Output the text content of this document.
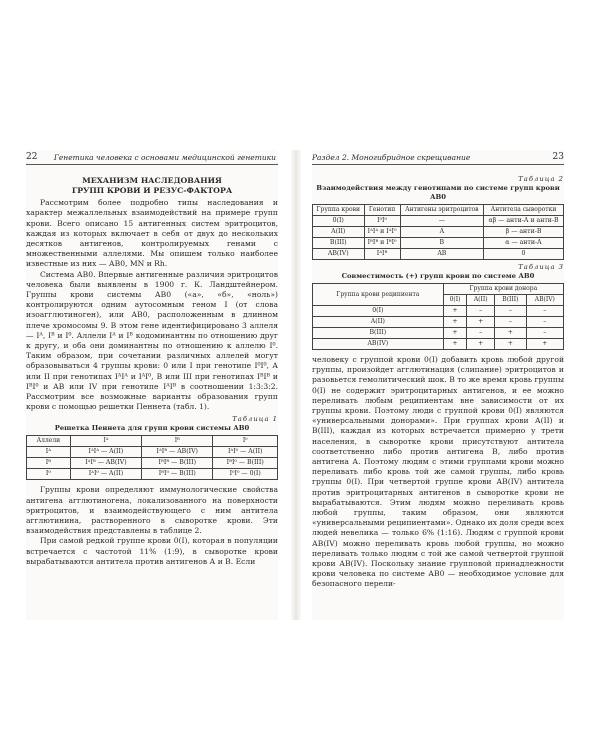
22 Генетика человека с основами медицинской генетики
МЕХАНИЗМ НАСЛЕДОВАНИЯ
ГРУПП КРОВИ И РЕЗУС-ФАКТОРА

Рассмотрим более подробно типы наследования и характер межаллельных взаимодействий на примере групп крови. Всего описано 15 антигенных систем эритроцитов, каждая из которых включает в себя от двух до нескольких десятков антигенов, контролируемых генами с множественными аллелями. Мы опишем только наиболее известные из них — АВ0, MN и Rh.

Система АВ0. Впервые антигенные различия эритроцитов человека были выявлены в 1900 г. К. Ландштейнером. Группы крови системы АВ0 («а», «б», «ноль») контролируются одним аутосомным геном I (от слова изоагглютиноген), или АВ0, расположенным в длинном плече хромосомы 9. В этом гене идентифицировано 3 аллеля — Iᴬ, Iᴮ и I⁰. Аллели Iᴬ и Iᴮ кодоминантны по отношению друг к другу, и оба они доминантны по отношению к аллелю I⁰. Таким образом, при сочетании различных аллелей могут образовываться 4 группы крови: 0 или I при генотипе I⁰I⁰, А или II при генотипах IᴬIᴬ и IᴬI⁰, В или III при генотипах IᴮIᴮ и IᴮI⁰ и АВ или IV при генотипе IᴬIᴮ в соотношении 1:3:3:2. Рассмотрим все возможные варианты образования групп крови с помощью решетки Пеннета (табл. 1).

Таблица 1
Решетка Пеннета для групп крови системы АВ0
Аллели	Iᴬ	Iᴮ	I⁰
Iᴬ	IᴬIᴬ — A(II)	IᴬIᴮ — AB(IV)	IᴬI⁰ — A(II)
Iᴮ	IᴬIᴮ — AB(IV)	IᴮIᴮ — B(III)	IᴮI⁰ — B(III)
I⁰	IᴬI⁰ — A(II)	IᴮI⁰ — B(III)	I⁰I⁰ — 0(I)

Группы крови определяют иммунологические свойства антигена агглютиногена, локализованного на поверхности эритроцитов, и взаимодействующего с ним антитела агглютинина, растворенного в сыворотке крови. Эти взаимодействия представлены в таблице 2.

При самой редкой группе крови 0(I), которая в популяции встречается с частотой 11% (1:9), в сыворотке крови вырабатываются антитела против антигенов А и В. Если

Раздел 2. Моногибридное скрещивание	23
Таблица 2
Взаимодействия между генотипами по системе групп крови АВ0
Группа крови	Генотип	Антигены эритроцитов	Антитела сыворотки
0(I)	I⁰I⁰	—	αβ — анти-А и анти-В
A(II)	IᴬIᴬ и IᴬI⁰	A	β — анти-В
B(III)	IᴮIᴮ и IᴮI⁰	B	α — анти-А
AB(IV)	IᴬIᴮ	AB	0
Таблица 3
Совместимость (+) групп крови по системе АВ0
Группа крови реципиента	Группа крови донора			
	0(I)	A(II)	B(III)	AB(IV)
0(I)	+	–	–	–
A(II)	+	+	–	–
B(III)	+	–	+	–
AB(IV)	+	+	+	+

человеку с группой крови 0(I) добавить кровь любой другой группы, произойдет агглютинация (слипание) эритроцитов и разовьется гемолитический шок. В то же время кровь группы 0(I) не содержит эритроцитарных антигенов, и ее можно переливать любым реципиентам вне зависимости от их группы крови. Поэтому люди с группой крови 0(I) являются «универсальными донорами». При группах крови А(II) и В(III), каждая из которых встречается примерно у трети населения, в сыворотке крови присутствуют антитела соответственно либо против антигена В, либо против антигена А. Поэтому людям с этими группами крови можно переливать либо кровь той же самой группы, либо кровь группы 0(I). При четвертой группе крови АВ(IV) антитела против эритроцитарных антигенов в сыворотке крови не вырабатываются. Этим людям можно переливать кровь любой группы, таким образом, они являются «универсальными реципиентами». Однако их доля среди всех людей невелика — только 6% (1:16). Людям с группой крови АВ(IV) можно переливать кровь любой группы, но можно переливать только людям с той же самой четвертой группой крови АВ(IV). Поскольку знание групповой принадлежности крови человека по системе АВ0 — необходимое условие для безопасного перели-
